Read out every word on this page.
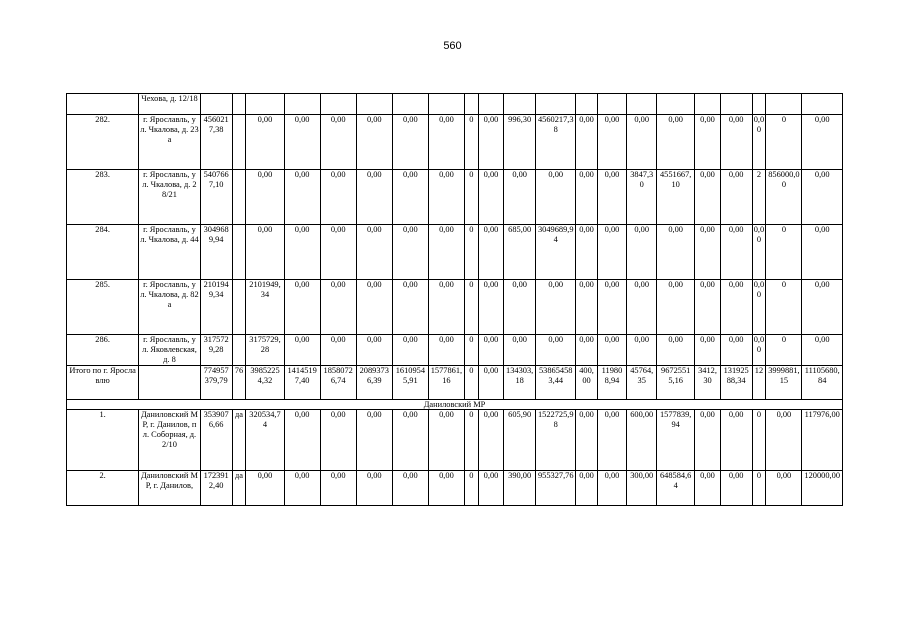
560
	Чехова, д. 12/18																					
282.	г. Ярославль, ул. Чкалова, д. 23а	4560217,38		0,00	0,00	0,00	0,00	0,00	0,00	0	0,00	996,30	4560217,38	0,00	0,00	0,00	0,00	0,00	0,00	0,00	0	0,00
283.	г. Ярославль, ул. Чкалова, д. 28/21	5407667,10		0,00	0,00	0,00	0,00	0,00	0,00	0	0,00	0,00	0,00	0,00	0,00	3847,30	4551667,10	0,00	0,00	2	856000,00	0,00
284.	г. Ярославль, ул. Чкалова, д. 44	3049689,94		0,00	0,00	0,00	0,00	0,00	0,00	0	0,00	685,00	3049689,94	0,00	0,00	0,00	0,00	0,00	0,00	0,00	0	0,00
285.	г. Ярославль, ул. Чкалова, д. 82а	2101949,34		2101949,34	0,00	0,00	0,00	0,00	0,00	0	0,00	0,00	0,00	0,00	0,00	0,00	0,00	0,00	0,00	0,00	0	0,00
286.	г. Ярославль, ул. Яковлевская, д. 8	3175729,28		3175729,28	0,00	0,00	0,00	0,00	0,00	0	0,00	0,00	0,00	0,00	0,00	0,00	0,00	0,00	0,00	0,00	0	0,00
Итого по г. Ярославлю		774957379,79	76	39852254,32	14145197,40	18580726,74	20893736,39	16109545,91	1577861,16	0	0,00	134303,18	538654583,44	400,00	119808,94	45764,35	96725515,16	3412,30	13192588,34	12	3999881,15	11105680,84
Даниловский МР																						
1.	Даниловский МР, г. Данилов, пл. Соборная, д. 2/10	3539076,66	да	320534,74	0,00	0,00	0,00	0,00	0,00	0	0,00	605,90	1522725,98	0,00	0,00	600,00	1577839,94	0,00	0,00	0	0,00	117976,00
2.	Даниловский МР, г. Данилов,	1723912,40	да	0,00	0,00	0,00	0,00	0,00	0,00	0	0,00	390,00	955327,76	0,00	0,00	300,00	648584,64	0,00	0,00	0	0,00	120000,00
